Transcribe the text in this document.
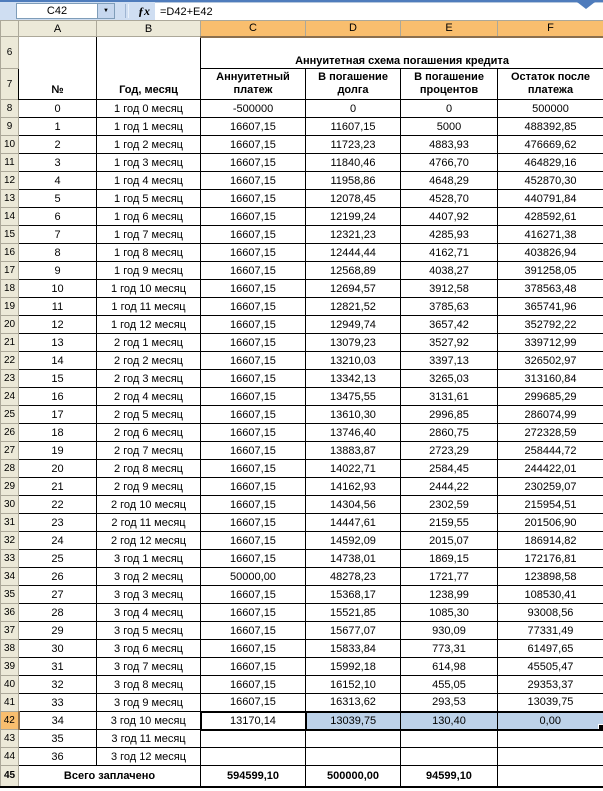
C42	▼	ƒx =D42+E42
	A	B	C	D	E	F
6	№	Год, месяц	Аннуитетная схема погашения кредита			
7			Аннуитетный платеж	В погашение долга	В погашение процентов	Остаток после платежа
8	0	1 год 0 месяц	-500000	0	0	500000
9	1	1 год 1 месяц	16607,15	11607,15	5000	488392,85
10	2	1 год 2 месяц	16607,15	11723,23	4883,93	476669,62
11	3	1 год 3 месяц	16607,15	11840,46	4766,70	464829,16
12	4	1 год 4 месяц	16607,15	11958,86	4648,29	452870,30
13	5	1 год 5 месяц	16607,15	12078,45	4528,70	440791,84
14	6	1 год 6 месяц	16607,15	12199,24	4407,92	428592,61
15	7	1 год 7 месяц	16607,15	12321,23	4285,93	416271,38
16	8	1 год 8 месяц	16607,15	12444,44	4162,71	403826,94
17	9	1 год 9 месяц	16607,15	12568,89	4038,27	391258,05
18	10	1 год 10 месяц	16607,15	12694,57	3912,58	378563,48
19	11	1 год 11 месяц	16607,15	12821,52	3785,63	365741,96
20	12	1 год 12 месяц	16607,15	12949,74	3657,42	352792,22
21	13	2 год 1 месяц	16607,15	13079,23	3527,92	339712,99
22	14	2 год 2 месяц	16607,15	13210,03	3397,13	326502,97
23	15	2 год 3 месяц	16607,15	13342,13	3265,03	313160,84
24	16	2 год 4 месяц	16607,15	13475,55	3131,61	299685,29
25	17	2 год 5 месяц	16607,15	13610,30	2996,85	286074,99
26	18	2 год 6 месяц	16607,15	13746,40	2860,75	272328,59
27	19	2 год 7 месяц	16607,15	13883,87	2723,29	258444,72
28	20	2 год 8 месяц	16607,15	14022,71	2584,45	244422,01
29	21	2 год 9 месяц	16607,15	14162,93	2444,22	230259,07
30	22	2 год 10 месяц	16607,15	14304,56	2302,59	215954,51
31	23	2 год 11 месяц	16607,15	14447,61	2159,55	201506,90
32	24	2 год 12 месяц	16607,15	14592,09	2015,07	186914,82
33	25	3 год 1 месяц	16607,15	14738,01	1869,15	172176,81
34	26	3 год 2 месяц	50000,00	48278,23	1721,77	123898,58
35	27	3 год 3 месяц	16607,15	15368,17	1238,99	108530,41
36	28	3 год 4 месяц	16607,15	15521,85	1085,30	93008,56
37	29	3 год 5 месяц	16607,15	15677,07	930,09	77331,49
38	30	3 год 6 месяц	16607,15	15833,84	773,31	61497,65
39	31	3 год 7 месяц	16607,15	15992,18	614,98	45505,47
40	32	3 год 8 месяц	16607,15	16152,10	455,05	29353,37
41	33	3 год 9 месяц	16607,15	16313,62	293,53	13039,75
42	34	3 год 10 месяц	13170,14	13039,75	130,40	0,00

43	35	3 год 11 месяц				
44	36	3 год 12 месяц				
45	Всего заплачено		594599,10	500000,00	94599,10	
